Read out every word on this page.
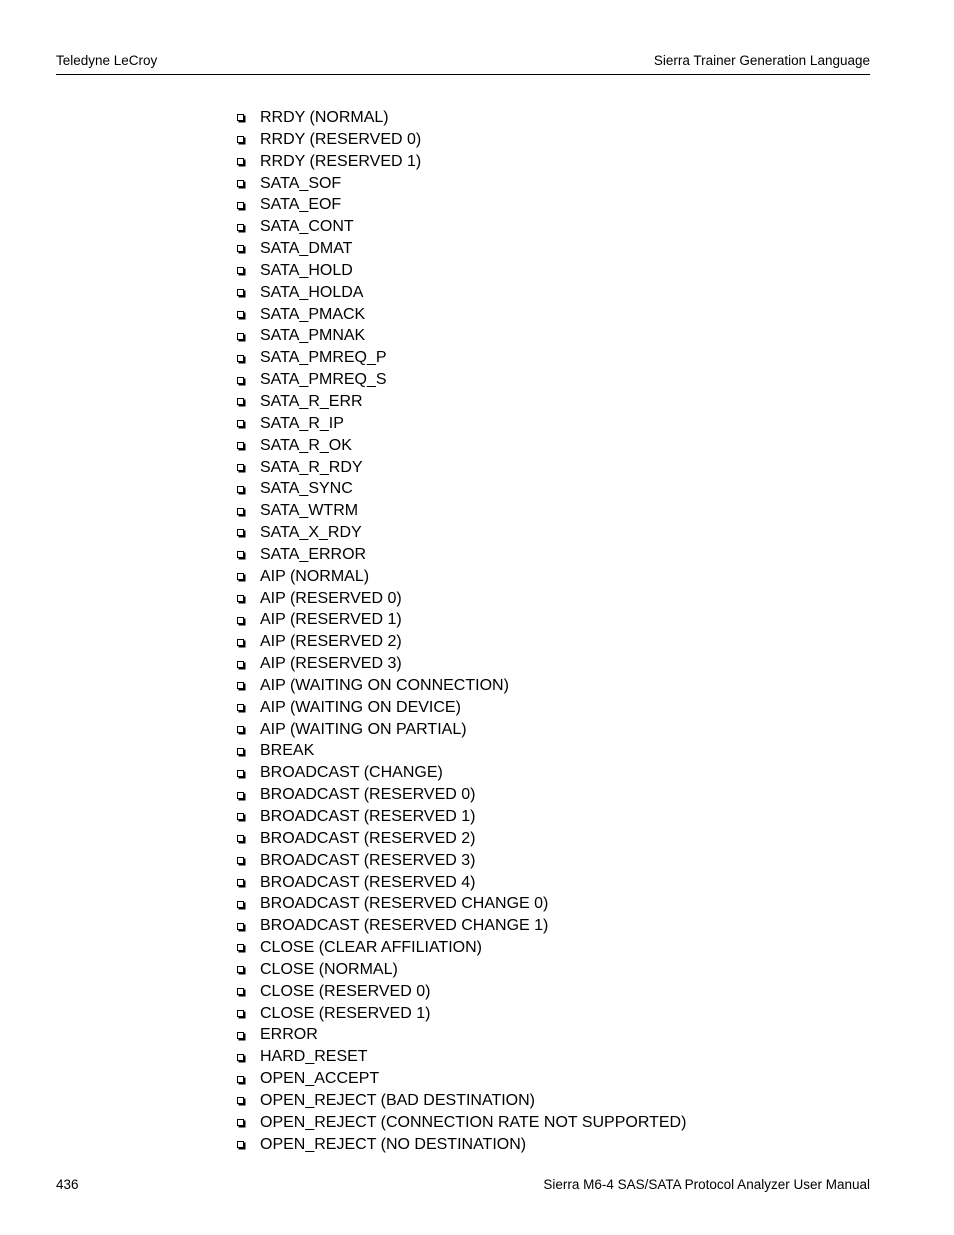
Teledyne LeCroy	Sierra Trainer Generation Language
RRDY (NORMAL)
RRDY (RESERVED 0)
RRDY (RESERVED 1)
SATA_SOF
SATA_EOF
SATA_CONT
SATA_DMAT
SATA_HOLD
SATA_HOLDA
SATA_PMACK
SATA_PMNAK
SATA_PMREQ_P
SATA_PMREQ_S
SATA_R_ERR
SATA_R_IP
SATA_R_OK
SATA_R_RDY
SATA_SYNC
SATA_WTRM
SATA_X_RDY
SATA_ERROR
AIP (NORMAL)
AIP (RESERVED 0)
AIP (RESERVED 1)
AIP (RESERVED 2)
AIP (RESERVED 3)
AIP (WAITING ON CONNECTION)
AIP (WAITING ON DEVICE)
AIP (WAITING ON PARTIAL)
BREAK
BROADCAST (CHANGE)
BROADCAST (RESERVED 0)
BROADCAST (RESERVED 1)
BROADCAST (RESERVED 2)
BROADCAST (RESERVED 3)
BROADCAST (RESERVED 4)
BROADCAST (RESERVED CHANGE 0)
BROADCAST (RESERVED CHANGE 1)
CLOSE (CLEAR AFFILIATION)
CLOSE (NORMAL)
CLOSE (RESERVED 0)
CLOSE (RESERVED 1)
ERROR
HARD_RESET
OPEN_ACCEPT
OPEN_REJECT (BAD DESTINATION)
OPEN_REJECT (CONNECTION RATE NOT SUPPORTED)
OPEN_REJECT (NO DESTINATION)
436	Sierra M6-4 SAS/SATA Protocol Analyzer User Manual
